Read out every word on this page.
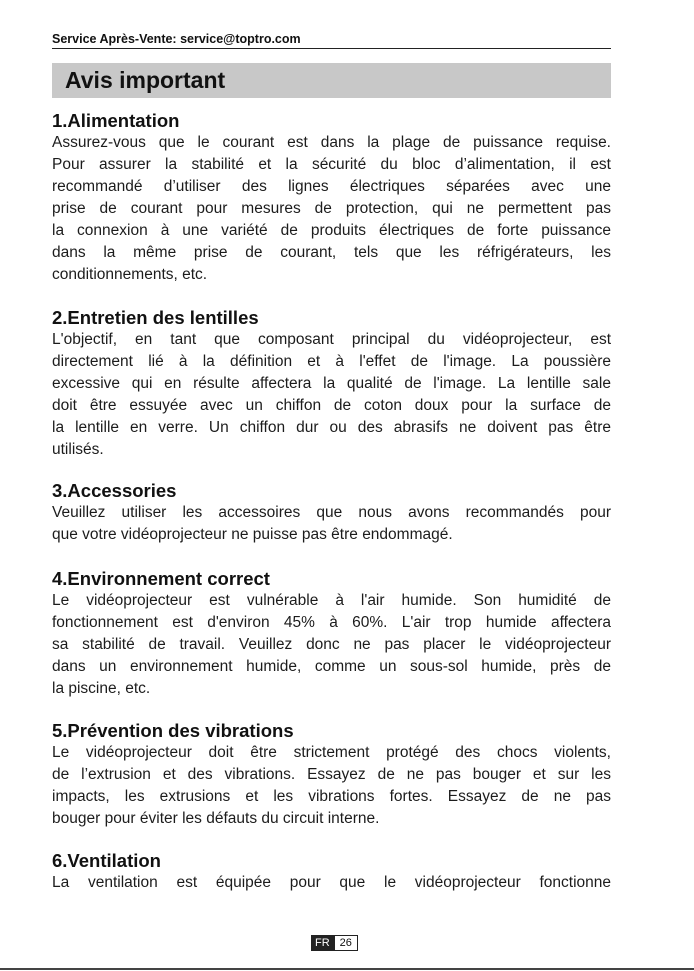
Service Après-Vente: service@toptro.com
Avis important
1.Alimentation
Assurez-vous que le courant est dans la plage de puissance requise.
Pour assurer la stabilité et la sécurité du bloc d’alimentation, il est
recommandé d’utiliser des lignes électriques séparées avec une
prise de courant pour mesures de protection, qui ne permettent pas
la connexion à une variété de produits électriques de forte puissance
dans la même prise de courant, tels que les réfrigérateurs, les
conditionnements, etc.
2.Entretien des lentilles
L'objectif, en tant que composant principal du vidéoprojecteur, est
directement lié à la définition et à l'effet de l'image. La poussière
excessive qui en résulte affectera la qualité de l'image. La lentille sale
doit être essuyée avec un chiffon de coton doux pour la surface de
la lentille en verre. Un chiffon dur ou des abrasifs ne doivent pas être
utilisés.
3.Accessories
Veuillez utiliser les accessoires que nous avons recommandés pour
que votre vidéoprojecteur ne puisse pas être endommagé.
4.Environnement correct
Le vidéoprojecteur est vulnérable à l'air humide. Son humidité de
fonctionnement est d'environ 45% à 60%. L'air trop humide affectera
sa stabilité de travail. Veuillez donc ne pas placer le vidéoprojecteur
dans un environnement humide, comme un sous-sol humide, près de
la piscine, etc.
5.Prévention des vibrations
Le vidéoprojecteur doit être strictement protégé des chocs violents,
de l’extrusion et des vibrations. Essayez de ne pas bouger et sur les
impacts, les extrusions et les vibrations fortes. Essayez de ne pas
bouger pour éviter les défauts du circuit interne.
6.Ventilation
La ventilation est équipée pour que le vidéoprojecteur fonctionne
FR 26
